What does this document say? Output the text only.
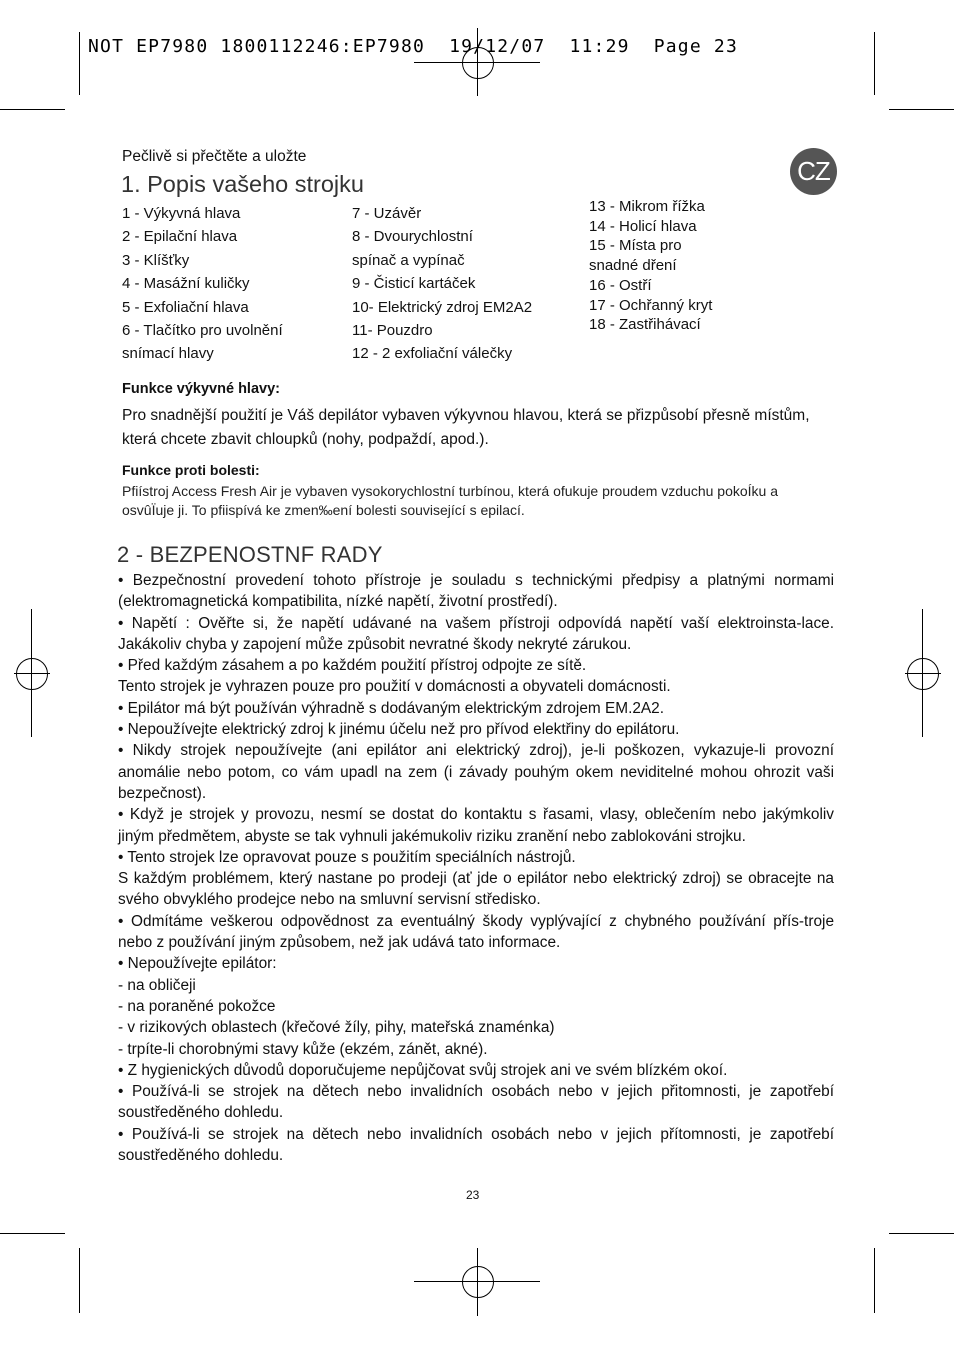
NOT EP7980 1800112246:EP7980  19/12/07  11:29  Page 23
Pečlivě si přečtěte a uložte
1. Popis vašeho strojku	CZ
1 - Výkyvná hlava
2 - Epilační hlava
3 - Klíšťky
4 - Masážní kuličky
5 - Exfoliační hlava
6 - Tlačítko pro uvolnění
snímací hlavy
7 - Uzávěr
8 - Dvourychlostní
spínač a vypínač
9 - Čisticí kartáček
10- Elektrický zdroj EM2A2
11- Pouzdro
12 - 2 exfoliační válečky
13 - Mikrom řížka
14 - Holicí hlava
15 - Místa pro
snadné dření
16 - Ostří
17 - Ochřanný kryt
18 - Zastřihávací
Funkce výkyvné hlavy:
Pro snadnější použití je Váš depilátor vybaven výkyvnou hlavou, která se přizpůsobí přesně místům, která chcete zbavit chloupků (nohy, podpaždí, apod.).
Funkce proti bolesti:
Pfiístroj Access Fresh Air je vybaven vysokorychlostní turbínou, která ofukuje proudem vzduchu pokoÍku a osvûÏuje ji. To pfiispívá ke zmen‰ení bolesti související s epilací.
2 - BEZPENOSTNF RADY

• Bezpečnostní provedení tohoto přístroje je souladu s technickými předpisy a platnými normami (elektromagnetická kompatibilita, nízké napětí, životní prostředí).

• Napětí : Ověřte si, že napětí udávané na vašem přístroji odpovídá napětí vaší elektroinsta-lace. Jakákoliv chyba y zapojení může způsobit nevratné škody nekryté zárukou.

• Před každým zásahem a po každém použití přístroj odpojte ze sítě.

Tento strojek je vyhrazen pouze pro použití v domácnosti a obyvateli domácnosti.

• Epilátor má být používán výhradně s dodávaným elektrickým zdrojem EM.2A2.

• Nepoužívejte elektrický zdroj k jinému účelu než pro přívod elektřiny do epilátoru.

• Nikdy strojek nepoužívejte (ani epilátor ani elektrický zdroj), je-li poškozen, vykazuje-li provozní anomálie nebo potom, co vám upadl na zem (i závady pouhým okem neviditelné mohou ohrozit vaši bezpečnost).

• Když je strojek y provozu, nesmí se dostat do kontaktu s řasami, vlasy, oblečením nebo jakýmkoliv jiným předmětem, abyste se tak vyhnuli jakémukoliv riziku zranění nebo zablokováni strojku.

• Tento strojek lze opravovat pouze s použitím speciálních nástrojů.

S každým problémem, který nastane po prodeji (ať jde o epilátor nebo elektrický zdroj) se obracejte na svého obvyklého prodejce nebo na smluvní servisní středisko.

• Odmítáme veškerou odpovědnost za eventuálný škody vyplývající z chybného používání přís-troje nebo z používání jiným způsobem, než jak udává tato informace.

• Nepoužívejte epilátor:

- na obličeji

- na poraněné pokožce

- v rizikových oblastech (křečové žíly, pihy, mateřská znaménka)

- trpíte-li chorobnými stavy kůže (ekzém, zánět, akné).

• Z hygienických důvodů doporučujeme nepůjčovat svůj strojek ani ve svém blízkém okoí.

• Používá-li se strojek na dětech nebo invalidních osobách nebo v jejich přitomnosti, je zapotřebí soustředěného dohledu.

• Používá-li se strojek na dětech nebo invalidních osobách nebo v jejich přítomnosti, je zapotřebí soustředěného dohledu.

23
